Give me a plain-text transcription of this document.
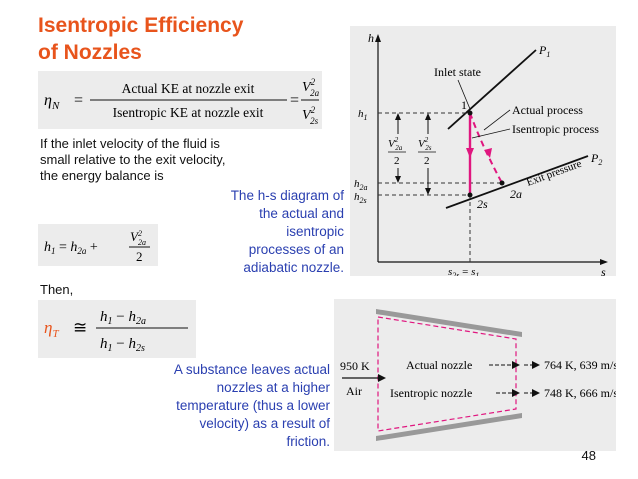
Isentropic Efficiency
of Nozzles
$\eta_N$ =
Actual KE at nozzle exit
Isentropic KE at nozzle exit
=
$V^2$ 2a
$V^2$ 2s
If the inlet velocity of the fluid is small relative to the exit velocity, the energy balance is
$h_1 = h_{2a}$ +
$V^2$ 2a
2
Then,
$\eta_T$ ≅
$h_1 - h_{2a}$
$h_1 - h_{2s}$
The h-s diagram of the actual and isentropic processes of an adiabatic nozzle.
h
s
$P_1$
$P_2$
Exit pressure
$h_1$
$h_{2a}$
$h_{2s}$
$V^2$ 2a
2
$V^2$ 2s
2
1
2a
2s
Inlet state
Actual process
Isentropic process
$s_{2s} = s_1$
A substance leaves actual nozzles at a higher temperature (thus a lower velocity) as a result of friction.
950 K
Air
Actual nozzle	764 K, 639 m/s
Isentropic nozzle	748 K, 666 m/s
48
